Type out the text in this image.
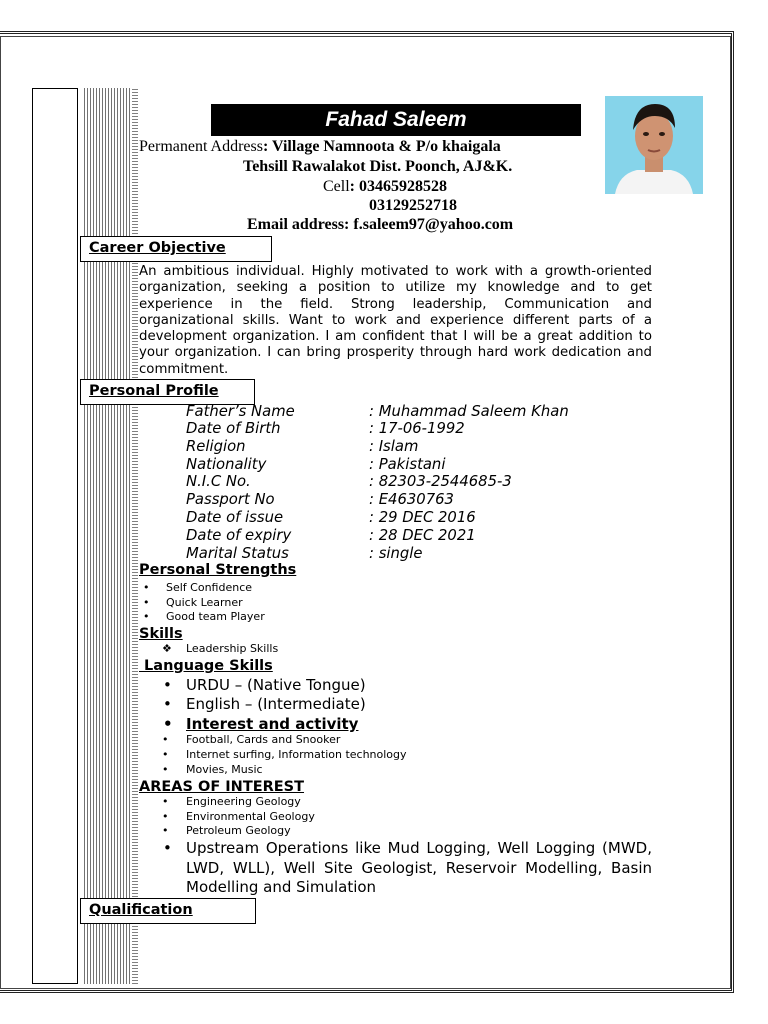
Fahad Saleem
Permanent Address: Village Namnoota & P/o khaigala
Tehsill Rawalakot Dist. Poonch, AJ&K.
Cell: 03465928528
03129252718
Email address: f.saleem97@yahoo.com
Career Objective
An ambitious individual. Highly motivated to work with a growth-oriented organization, seeking a position to utilize my knowledge and to get experience in the field. Strong leadership, Communication and organizational skills. Want to work and experience different parts of a development organization. I am confident that I will be a great addition to your organization. I can bring prosperity through hard work dedication and commitment.
Personal Profile
Father’s Name	: Muhammad Saleem Khan
Date of Birth	: 17-06-1992
Religion	: Islam
Nationality	: Pakistani
N.I.C No.	: 82303-2544685-3
Passport No	: E4630763
Date of issue	: 29 DEC 2016
Date of expiry	: 28 DEC 2021
Marital Status	: single
Personal Strengths
• Self Confidence
• Quick Learner
• Good team Player
Skills
❖ Leadership Skills
Language Skills
• URDU – (Native Tongue)
• English – (Intermediate)
• Interest and activity
• Football, Cards and Snooker
• Internet surfing, Information technology
• Movies, Music
AREAS OF INTEREST
• Engineering Geology
• Environmental Geology
• Petroleum Geology
• Upstream Operations like Mud Logging, Well Logging (MWD, LWD, WLL), Well Site Geologist, Reservoir Modelling, Basin Modelling and Simulation
Qualification
